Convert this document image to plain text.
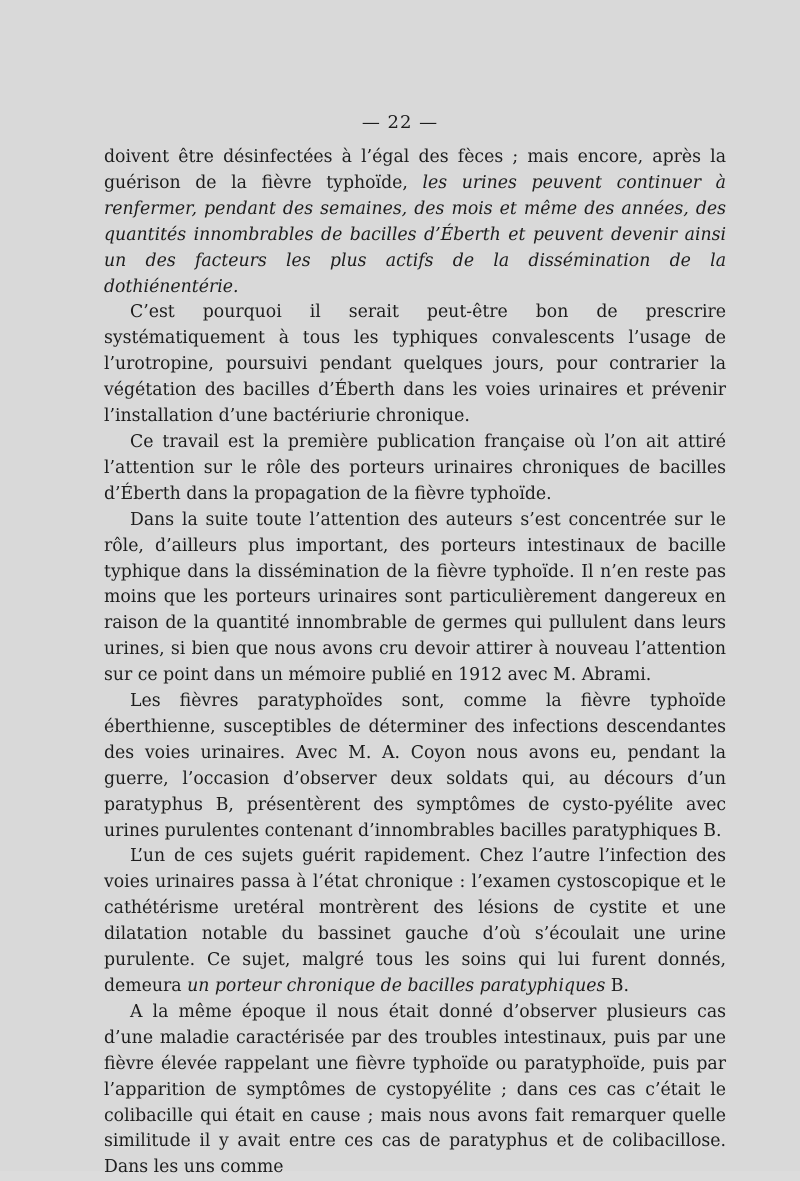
— 22 —

doivent être désinfectées à l’égal des fèces ; mais encore, après la guérison de la fièvre typhoïde, les urines peuvent continuer à renfermer, pendant des semaines, des mois et même des années, des quantités innombrables de bacilles d’Éberth et peuvent devenir ainsi un des facteurs les plus actifs de la dissémination de la dothiénentérie.

C’est pourquoi il serait peut-être bon de prescrire systématiquement à tous les typhiques convalescents l’usage de l’urotropine, poursuivi pendant quelques jours, pour contrarier la végétation des bacilles d’Éberth dans les voies urinaires et prévenir l’installation d’une bactériurie chronique.

Ce travail est la première publication française où l’on ait attiré l’attention sur le rôle des porteurs urinaires chroniques de bacilles d’Éberth dans la propagation de la fièvre typhoïde.

Dans la suite toute l’attention des auteurs s’est concentrée sur le rôle, d’ailleurs plus important, des porteurs intestinaux de bacille typhique dans la dissémination de la fièvre typhoïde. Il n’en reste pas moins que les porteurs urinaires sont particulièrement dangereux en raison de la quantité innombrable de germes qui pullulent dans leurs urines, si bien que nous avons cru devoir attirer à nouveau l’attention sur ce point dans un mémoire publié en 1912 avec M. Abrami.

Les fièvres paratyphoïdes sont, comme la fièvre typhoïde éberthienne, susceptibles de déterminer des infections descendantes des voies urinaires. Avec M. A. Coyon nous avons eu, pendant la guerre, l’occasion d’observer deux soldats qui, au décours d’un paratyphus B, présentèrent des symptômes de cysto-pyélite avec urines purulentes contenant d’innombrables bacilles paratyphiques B.

L’un de ces sujets guérit rapidement. Chez l’autre l’infection des voies urinaires passa à l’état chronique : l’examen cystoscopique et le cathétérisme uretéral montrèrent des lésions de cystite et une dilatation notable du bassinet gauche d’où s’écoulait une urine purulente. Ce sujet, malgré tous les soins qui lui furent donnés, demeura un porteur chronique de bacilles paratyphiques B.

A la même époque il nous était donné d’observer plusieurs cas d’une maladie caractérisée par des troubles intestinaux, puis par une fièvre élevée rappelant une fièvre typhoïde ou paratyphoïde, puis par l’apparition de symptômes de cystopyélite ; dans ces cas c’était le colibacille qui était en cause ; mais nous avons fait remarquer quelle similitude il y avait entre ces cas de paratyphus et de colibacillose. Dans les uns comme
